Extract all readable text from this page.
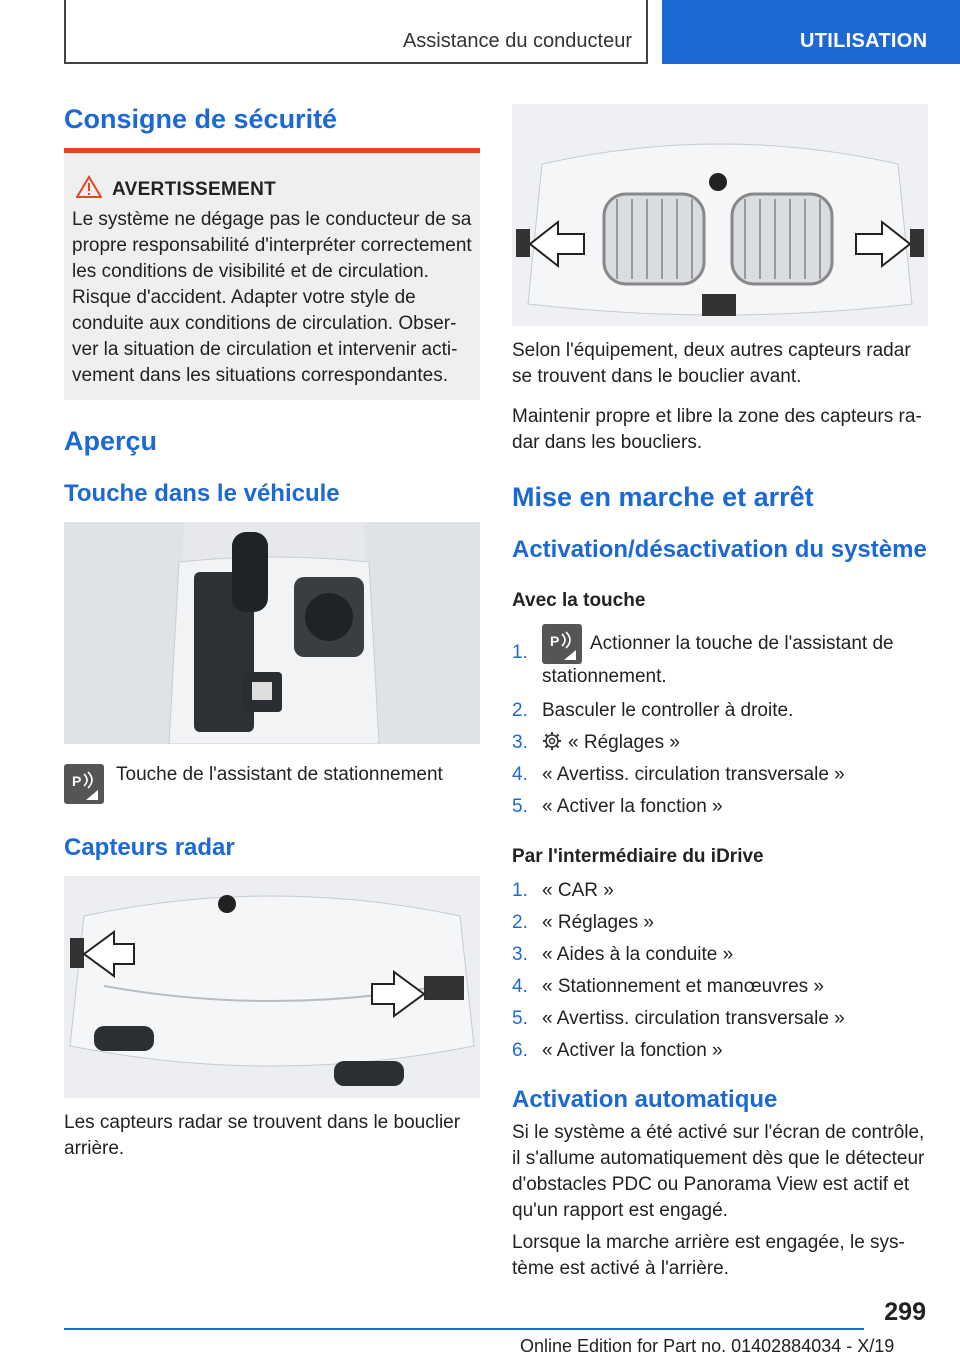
Assistance du conducteur	UTILISATION
Consigne de sécurité
AVERTISSEMENT
Le système ne dégage pas le conducteur de sa propre responsabilité d'interpréter correctement les conditions de visibilité et de circulation. Risque d'accident. Adapter votre style de conduite aux conditions de circulation. Observer la situation de circulation et intervenir activement dans les situations correspondantes.
Aperçu
Touche dans le véhicule
P Touche de l'assistant de stationnement

Capteurs radar

Les capteurs radar se trouvent dans le bouclier arrière.

Selon l'équipement, deux autres capteurs radar se trouvent dans le bouclier avant.

Maintenir propre et libre la zone des capteurs radar dans les boucliers.

Mise en marche et arrêt
Activation/désactivation du système
Avec la touche
1.
P Actionner la touche de l'assistant de stationnement.
2. Basculer le controller à droite.
3. « Réglages »
4. « Avertiss. circulation transversale »
5. « Activer la fonction »
Par l'intermédiaire du iDrive
1. « CAR »
2. « Réglages »
3. « Aides à la conduite »
4. « Stationnement et manœuvres »
5. « Avertiss. circulation transversale »
6. « Activer la fonction »
Activation automatique

Si le système a été activé sur l'écran de contrôle, il s'allume automatiquement dès que le détecteur d'obstacles PDC ou Panorama View est actif et qu'un rapport est engagé.

Lorsque la marche arrière est engagée, le système est activé à l'arrière.

299
Online Edition for Part no. 01402884034 - X/19
